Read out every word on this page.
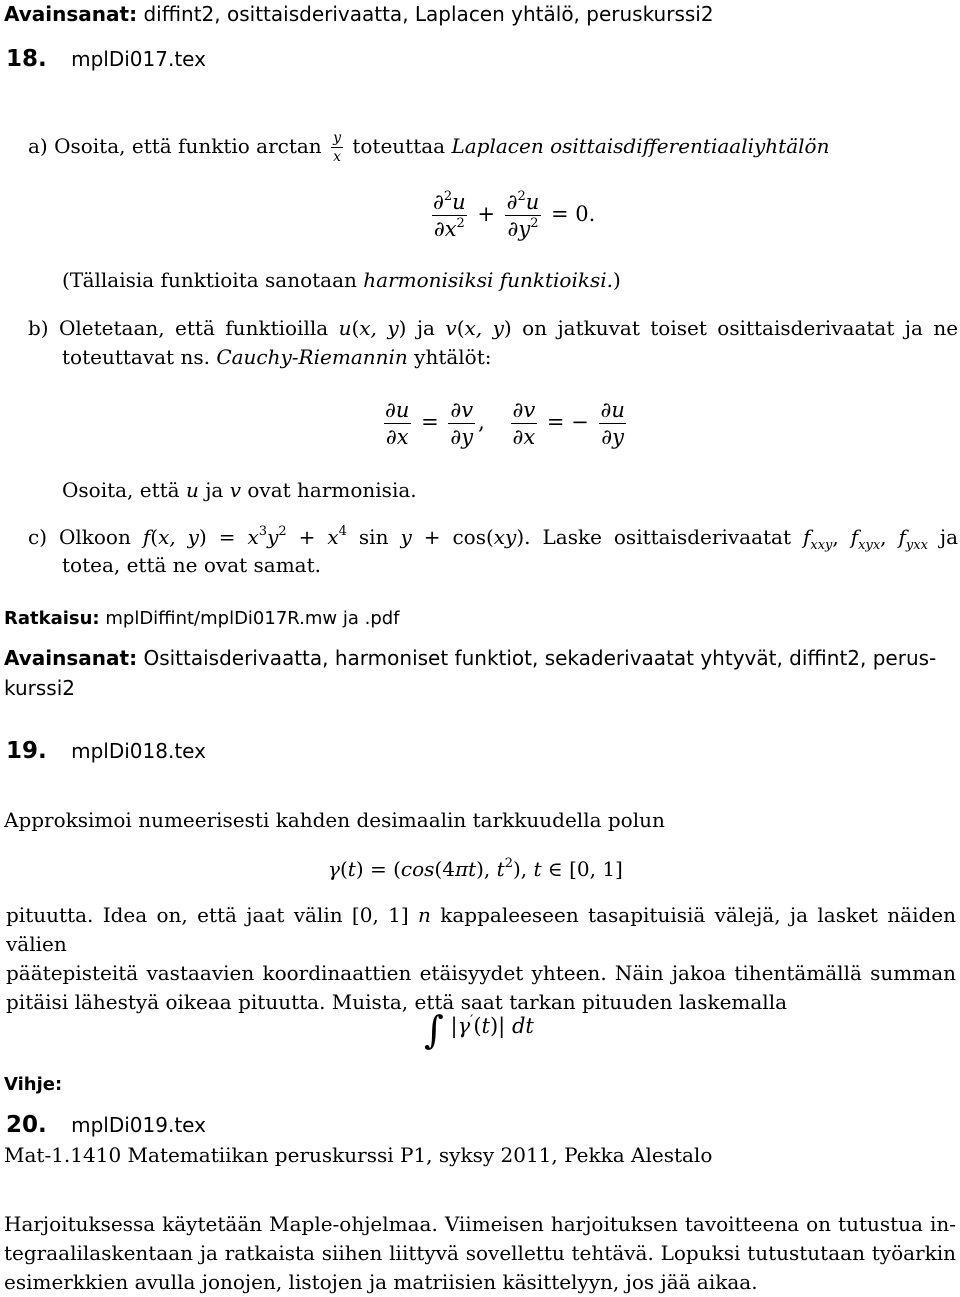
Avainsanat: diffint2, osittaisderivaatta, Laplacen yhtälö, peruskurssi2
18. mplDi017.tex
a) Osoita, että funktio $\arctan \frac{y}{x}$ toteuttaa Laplacen osittaisdifferentiaaliyhtälön
$\frac{\partial^2u}{\partial x^2} + \frac{\partial^2u}{\partial y^2} = 0$.
(Tällaisia funktioita sanotaan harmonisiksi funktioiksi.)
b) Oletetaan, että funktioilla u(x, y) ja v(x, y) on jatkuvat toiset osittaisderivaatat ja ne
toteuttavat ns. Cauchy-Riemannin yhtälöt:
$\frac{\partial u}{\partial x} = \frac{\partial v}{\partial y}$ , $\frac{\partial v}{\partial x}$ = − $\frac{\partial u}{\partial y}$
Osoita, että u ja v ovat harmonisia.
c) Olkoon f(x, $y) = x^3y^2 + x^4$ sin y + cos(xy). Laske osittaisderivaatat $f_{xxy}$, $f_{xyx}$, $f_{yxx}$ ja
totea, että ne ovat samat.
Ratkaisu: mplDiffint/mplDi017R.mw ja .pdf
Avainsanat: Osittaisderivaatta, harmoniset funktiot, sekaderivaatat yhtyvät, diffint2, perus-
kurssi2
19. mplDi018.tex
Approksimoi numeerisesti kahden desimaalin tarkkuudella polun
γ(t) = (cos(4πt), $t^2$), t ∈ [0, 1]
pituutta. Idea on, että jaat välin [0, 1] n kappaleeseen tasapituisiä välejä, ja lasket näiden välien
päätepisteitä vastaavien koordinaattien etäisyydet yhteen. Näin jakoa tihentämällä summan
pitäisi lähestyä oikeaa pituutta. Muista, että saat tarkan pituuden laskemalla
∫ |γ′(t)| dt
Vihje:
20. mplDi019.tex
Mat-1.1410 Matematiikan peruskurssi P1, syksy 2011, Pekka Alestalo
Harjoituksessa käytetään Maple-ohjelmaa. Viimeisen harjoituksen tavoitteena on tutustua in-
tegraalilaskentaan ja ratkaista siihen liittyvä sovellettu tehtävä. Lopuksi tutustutaan työarkin
esimerkkien avulla jonojen, listojen ja matriisien käsittelyyn, jos jää aikaa.
